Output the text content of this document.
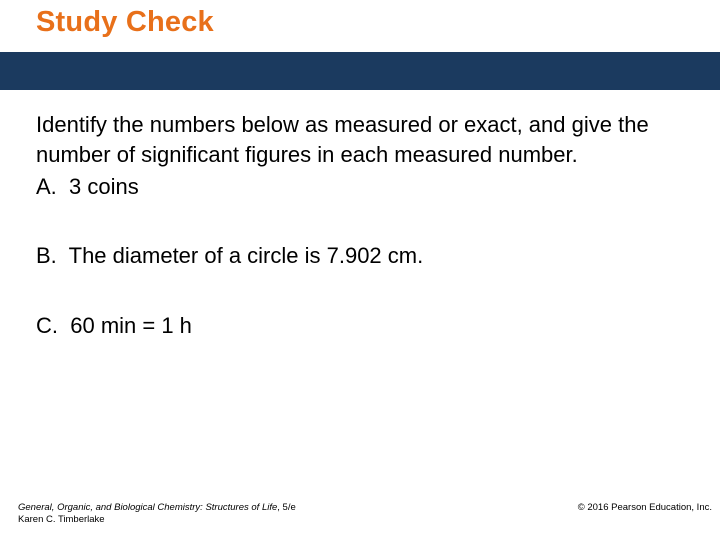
Study Check
Identify the numbers below as measured or exact, and give the number of significant figures in each measured number.
A. 3 coins
B. The diameter of a circle is 7.902 cm.
C. 60 min = 1 h
General, Organic, and Biological Chemistry: Structures of Life, 5/e
Karen C. Timberlake
© 2016 Pearson Education, Inc.
